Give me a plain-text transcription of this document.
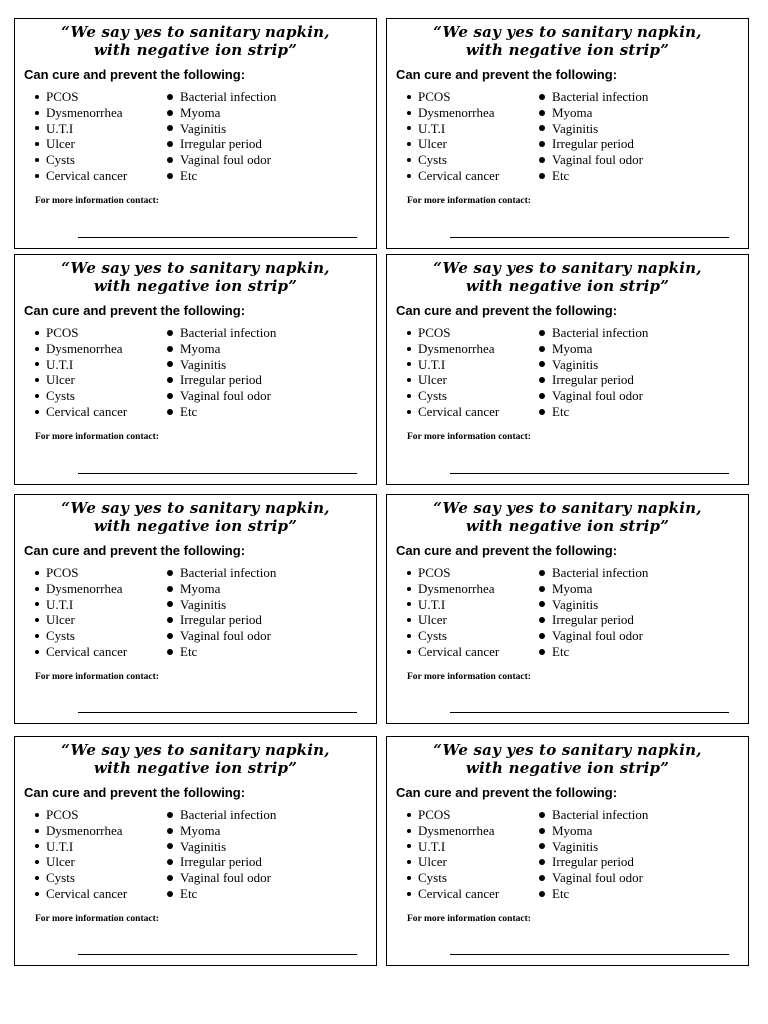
“We say yes to sanitary napkin,
with negative ion strip”
Can cure and prevent the following:
PCOS
Dysmenorrhea
U.T.I
Ulcer
Cysts
Cervical cancer
Bacterial infection
Myoma
Vaginitis
Irregular period
Vaginal foul odor
Etc
For more information contact:
“We say yes to sanitary napkin,
with negative ion strip”
Can cure and prevent the following:
PCOS
Dysmenorrhea
U.T.I
Ulcer
Cysts
Cervical cancer
Bacterial infection
Myoma
Vaginitis
Irregular period
Vaginal foul odor
Etc
For more information contact:
“We say yes to sanitary napkin,
with negative ion strip”
Can cure and prevent the following:
PCOS
Dysmenorrhea
U.T.I
Ulcer
Cysts
Cervical cancer
Bacterial infection
Myoma
Vaginitis
Irregular period
Vaginal foul odor
Etc
For more information contact:
“We say yes to sanitary napkin,
with negative ion strip”
Can cure and prevent the following:
PCOS
Dysmenorrhea
U.T.I
Ulcer
Cysts
Cervical cancer
Bacterial infection
Myoma
Vaginitis
Irregular period
Vaginal foul odor
Etc
For more information contact:
“We say yes to sanitary napkin,
with negative ion strip”
Can cure and prevent the following:
PCOS
Dysmenorrhea
U.T.I
Ulcer
Cysts
Cervical cancer
Bacterial infection
Myoma
Vaginitis
Irregular period
Vaginal foul odor
Etc
For more information contact:
“We say yes to sanitary napkin,
with negative ion strip”
Can cure and prevent the following:
PCOS
Dysmenorrhea
U.T.I
Ulcer
Cysts
Cervical cancer
Bacterial infection
Myoma
Vaginitis
Irregular period
Vaginal foul odor
Etc
For more information contact:
“We say yes to sanitary napkin,
with negative ion strip”
Can cure and prevent the following:
PCOS
Dysmenorrhea
U.T.I
Ulcer
Cysts
Cervical cancer
Bacterial infection
Myoma
Vaginitis
Irregular period
Vaginal foul odor
Etc
For more information contact:
“We say yes to sanitary napkin,
with negative ion strip”
Can cure and prevent the following:
PCOS
Dysmenorrhea
U.T.I
Ulcer
Cysts
Cervical cancer
Bacterial infection
Myoma
Vaginitis
Irregular period
Vaginal foul odor
Etc
For more information contact:
